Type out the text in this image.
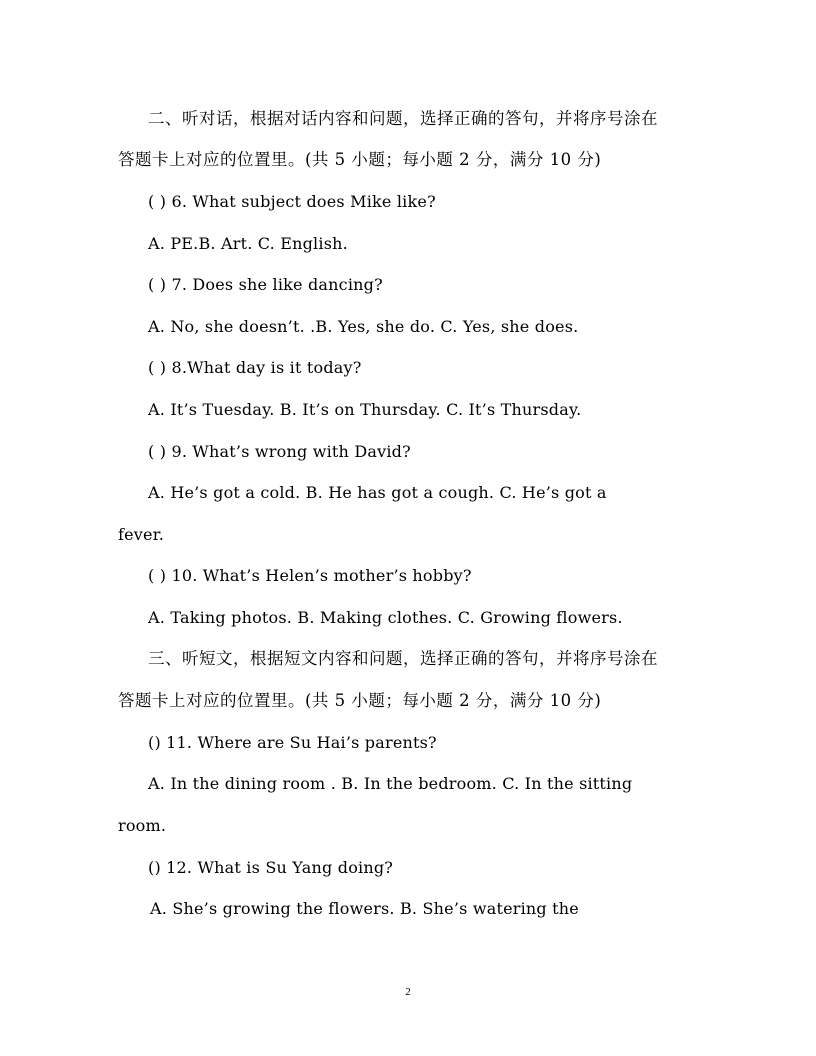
二、听对话，根据对话内容和问题，选择正确的答句，并将序号涂在
答题卡上对应的位置里。(共 5 小题；每小题 2 分，满分 10 分)
( ) 6. What subject does Mike like?
A. PE.B. Art. C. English.
( ) 7. Does she like dancing?
A. No, she doesn’t. .B. Yes, she do. C. Yes, she does.
( ) 8.What day is it today?
A. It’s Tuesday. B. It’s on Thursday. C. It’s Thursday.
( ) 9. What’s wrong with David?
A. He’s got a cold. B. He has got a cough. C. He’s got a
fever.
( ) 10. What’s Helen’s mother’s hobby?
A. Taking photos. B. Making clothes. C. Growing flowers.
三、听短文，根据短文内容和问题，选择正确的答句，并将序号涂在
答题卡上对应的位置里。(共 5 小题；每小题 2 分，满分 10 分)
() 11. Where are Su Hai’s parents?
A. In the dining room . B. In the bedroom. C. In the sitting
room.
() 12. What is Su Yang doing?
A. She’s growing the flowers. B. She’s watering the
2
